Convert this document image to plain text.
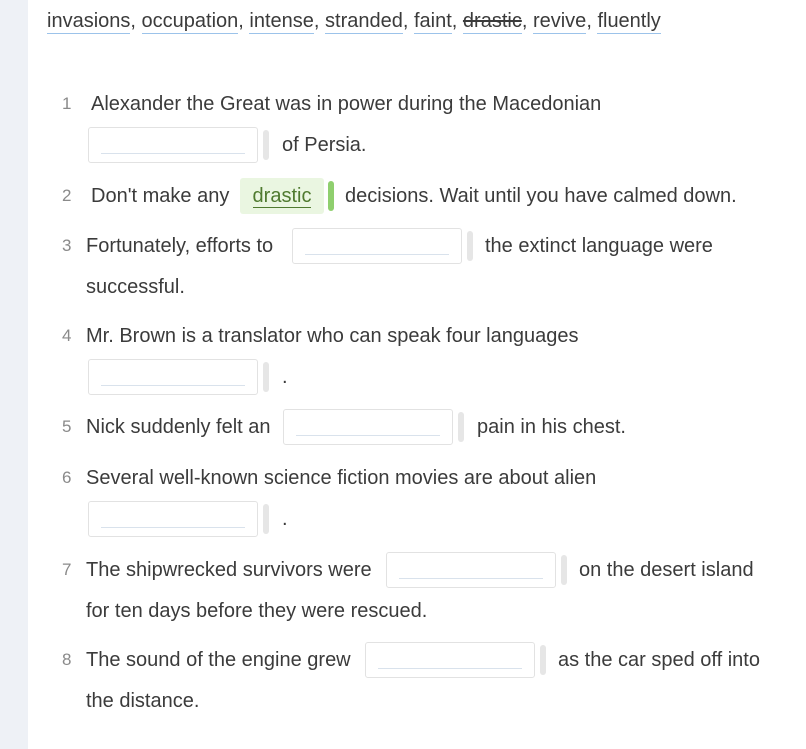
invasions, occupation, intense, stranded, faint, drastic, revive, fluently
1 Alexander the Great was in power during the Macedonian
of Persia.
2 Don't make any	drastic	decisions. Wait until you have calmed down.
3 Fortunately, efforts to	the extinct language were
successful.
4 Mr. Brown is a translator who can speak four languages
.
5 Nick suddenly felt an	pain in his chest.
6 Several well-known science fiction movies are about alien
.
7 The shipwrecked survivors were	on the desert island
for ten days before they were rescued.
8 The sound of the engine grew	as the car sped off into
the distance.
